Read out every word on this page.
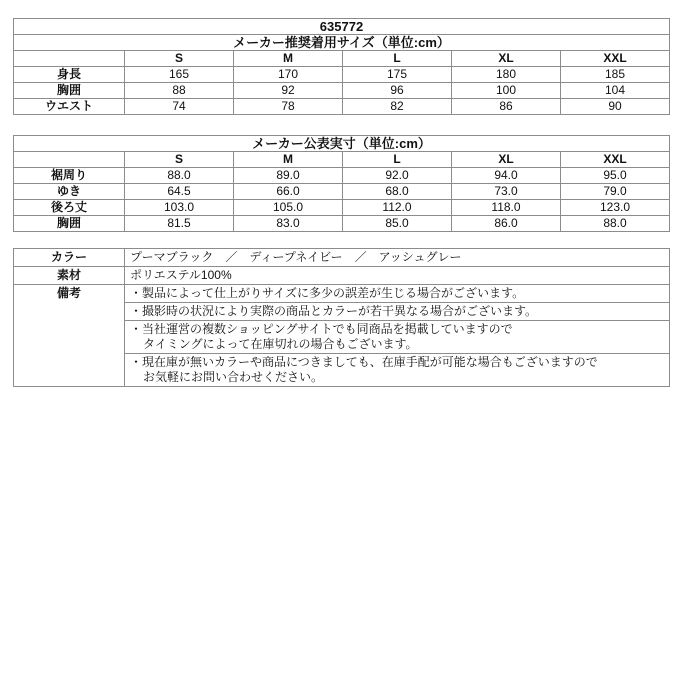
635772					
メーカー推奨着用サイズ（単位:cm）					
	S	M	L	XL	XXL
身長	165	170	175	180	185
胸囲	88	92	96	100	104
ウエスト	74	78	82	86	90
メーカー公表実寸（単位:cm）					
	S	M	L	XL	XXL
裾周り	88.0	89.0	92.0	94.0	95.0
ゆき	64.5	66.0	68.0	73.0	79.0
後ろ丈	103.0	105.0	112.0	118.0	123.0
胸囲	81.5	83.0	85.0	86.0	88.0
カラー	プーマブラック　／　ディープネイビー　／　アッシュグレー
素材	ポリエステル100%
備考	・製品によって仕上がりサイズに多少の誤差が生じる場合がございます。

	・撮影時の状況により実際の商品とカラーが若干異なる場合がございます。

	・当社運営の複数ショッピングサイトでも同商品を掲載していますので
タイミングによって在庫切れの場合もございます。

	・現在庫が無いカラーや商品につきましても、在庫手配が可能な場合もございますので
お気軽にお問い合わせください。
